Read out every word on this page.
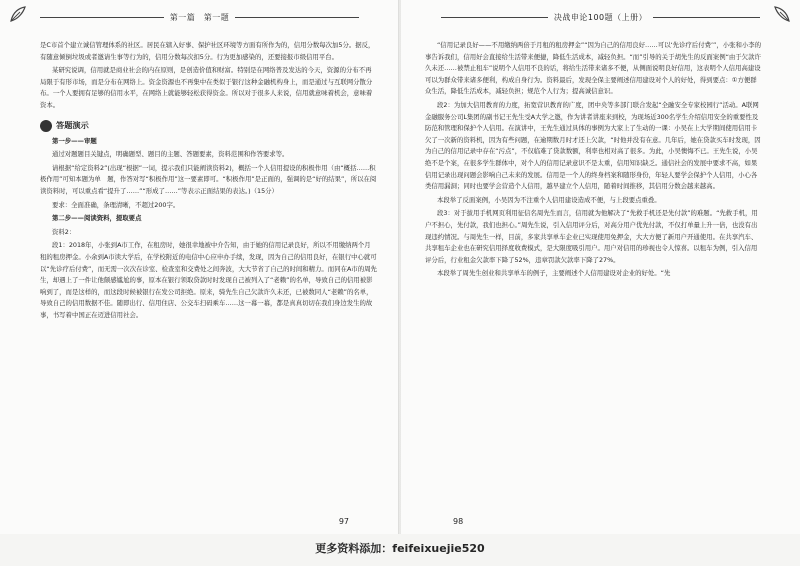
第一篇　第一题

是C市首个建立诚信管理体系的社区。居民在辖入好事、保护社区环境等方面有所作为的，信用分数每次加5分。据反，有随意倾倒垃圾或者邀请生事等行为的，信用分数每次扣5分。行为更加感染的，还要接报市级信用平台。

某研究说调，信用就是商业社会的内在原则，是创造价值和财富。特别是在网络普及发达的今天，资源的分布不再局限于有形市场，而是分布在网络上。资金资源也不再集中在类似于银行这种金融机构身上，而是通过与互联网分散分布。一个人要拥有足够的信用水平，在网络上就能够轻松获得资金。所以对于很多人来说，信用就意味着机会，意味着资本。

答题演示

第一步——审题

通过对题题目关键点，明确题型、题目的主题、答题要素，资料范围和作答要求等。

请根据“给定资料2”(出现“根据”一词，提示我们只能阐读资料2)，概括一个人信用提设的积极作用（由“概括……积极作用”可知本题为单　题，作答对写“积极作用”这一要素即可。“积极作用”是正面的，强调的是“好的结果”，所以在阅读资料时，可以重点看“提升了……”“形成了……”等表示正面结果的表达。)（15分）

要求：全面准确，条理清晰，不超过200字。

第二步——阅读资料，提取要点

资料2：

段1：2018年，小张到A市工作，在租房时，她很幸地被中介告知，由于她的信用记录良好，所以不用缴纳两个月租的租房押金。小余到A市读大学后，在学校附近的电信中心应申办手续，发现，因为自己的信用良好，在银行中心就可以“先诊疗后付费”，而无需一次次在诊室、检查室和交费处之间奔波，大大节省了自己的时间和精力。而同在A市的周先生，却遇上了一件让他颇感尴尬的事，原本在银行领取贷款时时发现自己被列入了“老赖”的名单，导致自己的信用被影响到了，而是这样的，而这段时候被银行在发公司拒绝。原来，骑先生自己欠款许久未还，已被数同人“老赖”的名单，导致自己的信用数据不佳。随即出行、信用住店、公交车扫码乘车……这一幕一幕，都是真真切切在我们身边发生的故事，书写着中国正在迈进信用社会。

97
决战申论100题（上册）

“信用记录良好——不用缴纳两倍于月租的租房押金”“因为自己的信用良好……可以‘先诊疗后付费’”，小张和小李的事告诉我们，信用好会直接给生活带来便捷，降低生活成本，减轻负担。“而”引导的关于胡先生的反面案例“由于欠款许久未还……被禁止租车”说明个人信用不良的话，将给生活带来诸多不便，从侧面说明良好信用，这表明个人信用高建设可以为群众带来诸多便利，构成自身行为。资料最后，发现全保主要阐述信用建设对个人的好处，得到要点：①方便群众生活，降低生活成本，减轻负担；规范个人行为；提高诚信意识。

段2：为加大信用教育的力度，拓宽营识教育的广度，团中央等多部门联合发起“全融安全专家校园行”活动。A联网金融服务公司L集团的副书记王先生受A大学之邀，作为讲者讲座来到校，为现场近300名学生介绍信用安全的重要性及防范和管理和保护个人信用。在演讲中，王先生通过具体的事例为大家上了生动的一课：小吴在上大学期间使用信用卡欠了一次新的资料机，因为有些问题，在逾期数月时才还上欠款，“时他并没有在意。几年后，她在贷款买车时发现，因为自己的信用记录中存在“污点”，不仅临难了贷款数额，利率也相对高了很多。为此，小吴懊悔不已。王先生说，小吴绝不是个案，在很多学生群体中，对个人的信用记录意识不是太重，信用知识缺乏。通信社会的发展中要求不高，如果信用记录出现问题会影响自己未来的发展。信用是一个人的终身档案和随形身份，年轻人要学会保护个人信用，小心各类信用漏洞；同时也要学会营造个人信用，越早建立个人信用，随着时间推移，其信用分数会越来越高。

本段举了反面案例，小吴因为不注重个人信用建设造成不便，与上段要点重叠。

段3：对于拔用手机网页利用征信名周先生而言，信用就为他解决了“先救手机还是先付款”的难题。“先救手机，用户不担心，先付款，我们也担心。”周先生说，引入信用评分后，对高分用户优先付款，不仅打单量上升一倍，也没有出现违约情况。与周先生一样，目前，多家共享单车企业已实现使用免押金，大大方便了新用户开通使用。在共享汽车、共享租车企业也在研究信用择度收费模式，是大限度吸引用户。用户对信用的珍视也令人惊喜。以租车为例，引入信用评分后，行业租金欠款率下降了52%，违章罚款欠款率下降了27%。

本段举了周先生创业和共享单车的例子，主要阐述个人信用建设对企业的好处。“先

98
更多资料添加：feifeixuejie520
